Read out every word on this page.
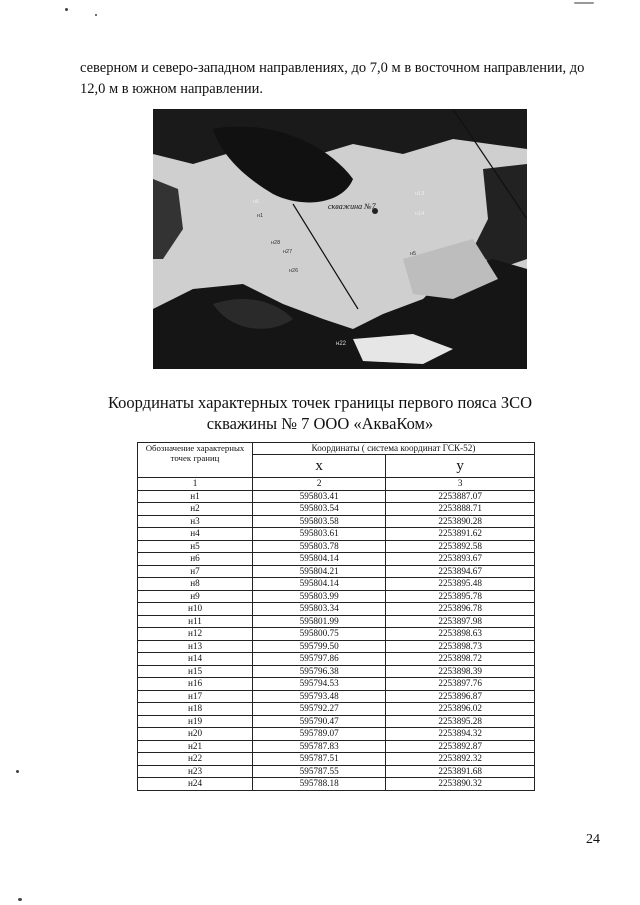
северном и северо-западном направлениях, до 7,0 м в восточном направлении, до 12,0 м в южном направлении.

скважина №7
н13
н14
н6
н1
н28
н27
н26
н5
н22
Координаты характерных точек границы первого пояса ЗСО скважины № 7 ООО «АкваКом»
Обозначение характерных точек границ	Координаты ( система координат ГСК-52)	
	x	y
1	2	3
н1	595803.41	2253887.07
н2	595803.54	2253888.71
н3	595803.58	2253890.28
н4	595803.61	2253891.62
н5	595803.78	2253892.58
н6	595804.14	2253893.67
н7	595804.21	2253894.67
н8	595804.14	2253895.48
н9	595803.99	2253895.78
н10	595803.34	2253896.78
н11	595801.99	2253897.98
н12	595800.75	2253898.63
н13	595799.50	2253898.73
н14	595797.86	2253898.72
н15	595796.38	2253898.39
н16	595794.53	2253897.76
н17	595793.48	2253896.87
н18	595792.27	2253896.02
н19	595790.47	2253895.28
н20	595789.07	2253894.32
н21	595787.83	2253892.87
н22	595787.51	2253892.32
н23	595787.55	2253891.68
н24	595788.18	2253890.32
24
